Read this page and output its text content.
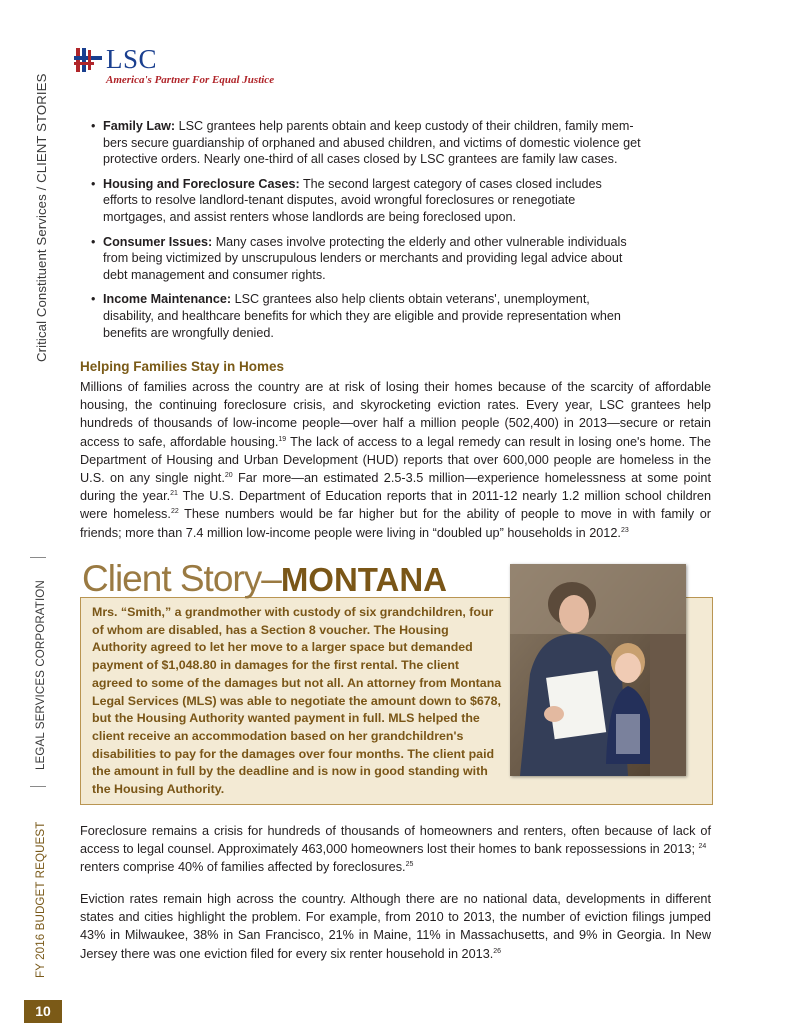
Critical Constituent Services / CLIENT STORIES
LEGAL SERVICES CORPORATION
FY 2016 BUDGET REQUEST
10
LSC
America's Partner For Equal Justice
• Family Law: LSC grantees help parents obtain and keep custody of their children, family mem-
bers secure guardianship of orphaned and abused children, and victims of domestic violence get
protective orders. Nearly one-third of all cases closed by LSC grantees are family law cases.
• Housing and Foreclosure Cases: The second largest category of cases closed includes
efforts to resolve landlord-tenant disputes, avoid wrongful foreclosures or renegotiate
mortgages, and assist renters whose landlords are being foreclosed upon.
• Consumer Issues: Many cases involve protecting the elderly and other vulnerable individuals
from being victimized by unscrupulous lenders or merchants and providing legal advice about
debt management and consumer rights.
• Income Maintenance: LSC grantees also help clients obtain veterans', unemployment,
disability, and healthcare benefits for which they are eligible and provide representation when
benefits are wrongfully denied.
Helping Families Stay in Homes
Millions of families across the country are at risk of losing their homes because of the scarcity of affordable housing, the continuing foreclosure crisis, and skyrocketing eviction rates. Every year, LSC grantees help hundreds of thousands of low-income people—over half a million people (502,400) in 2013—secure or retain access to safe, affordable housing.$^{19}$ The lack of access to a legal remedy can result in losing one's home. The Department of Housing and Urban Development (HUD) reports that over 600,000 people are homeless in the U.S. on any single night.$^{20}$ Far more—an estimated 2.5-3.5 million—experience homelessness at some point during the year.$^{21}$ The U.S. Department of Education reports that in 2011-12 nearly 1.2 million school children were homeless.$^{22}$ These numbers would be far higher but for the ability of people to move in with family or friends; more than 7.4 million low-income people were living in “doubled up” households in 2012.23
Client Story–MONTANA
Mrs. “Smith,” a grandmother with custody of six grandchildren, four of whom are disabled, has a Section 8 voucher. The Housing Authority agreed to let her move to a larger space but demanded payment of $1,048.80 in damages for the first rental. The client agreed to some of the damages but not all. An attorney from Montana Legal Services (MLS) was able to negotiate the amount down to $678, but the Housing Authority wanted payment in full. MLS helped the client receive an accommodation based on her grandchildren's disabilities to pay for the damages over four months. The client paid the amount in full by the deadline and is now in good standing with the Housing Authority.
Foreclosure remains a crisis for hundreds of thousands of homeowners and renters, often because of lack of access to legal counsel. Approximately 463,000 homeowners lost their homes to bank repossessions in 2013; $^{24}$
renters comprise 40% of families affected by foreclosures.$^{25}$
Eviction rates remain high across the country. Although there are no national data, developments in different states and cities highlight the problem. For example, from 2010 to 2013, the number of eviction filings jumped 43% in Milwaukee, 38% in San Francisco, 21% in Maine, 11% in Massachusetts, and 9% in Georgia. In New Jersey there was one eviction filed for every six renter household in 2013.26
